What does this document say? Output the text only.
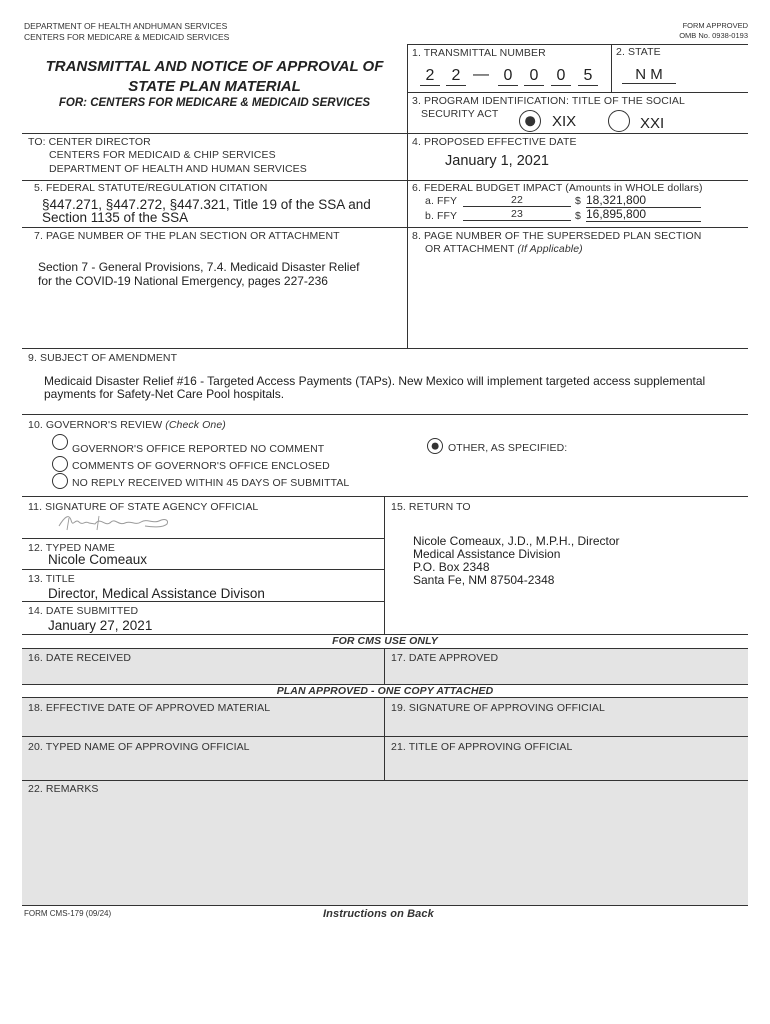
DEPARTMENT OF HEALTH ANDHUMAN SERVICES
CENTERS FOR MEDICARE & MEDICAID SERVICES
FORM APPROVED
OMB No. 0938-0193
TRANSMITTAL AND NOTICE OF APPROVAL OF
STATE PLAN MATERIAL
FOR: CENTERS FOR MEDICARE & MEDICAID SERVICES
1. TRANSMITTAL NUMBER
2	2 — 0	0	0	5
2. STATE
N M
3. PROGRAM IDENTIFICATION: TITLE OF THE SOCIAL
SECURITY ACT	XIX	XXI
TO: CENTER DIRECTOR
CENTERS FOR MEDICAID & CHIP SERVICES
DEPARTMENT OF HEALTH AND HUMAN SERVICES
4. PROPOSED EFFECTIVE DATE
January 1, 2021
5. FEDERAL STATUTE/REGULATION CITATION
§447.271, §447.272, §447.321, Title 19 of the SSA and
Section 1135 of the SSA
6. FEDERAL BUDGET IMPACT (Amounts in WHOLE dollars)
a. FFY	22	$ 18,321,800
b. FFY	23	$ 16,895,800
7. PAGE NUMBER OF THE PLAN SECTION OR ATTACHMENT
Section 7 - General Provisions, 7.4. Medicaid Disaster Relief
for the COVID-19 National Emergency, pages 227-236
8. PAGE NUMBER OF THE SUPERSEDED PLAN SECTION
OR ATTACHMENT (If Applicable)
9. SUBJECT OF AMENDMENT
Medicaid Disaster Relief #16 - Targeted Access Payments (TAPs). New Mexico will implement targeted access supplemental
payments for Safety-Net Care Pool hospitals.
10. GOVERNOR'S REVIEW (Check One)
GOVERNOR'S OFFICE REPORTED NO COMMENT
COMMENTS OF GOVERNOR'S OFFICE ENCLOSED
NO REPLY RECEIVED WITHIN 45 DAYS OF SUBMITTAL
OTHER, AS SPECIFIED:
11. SIGNATURE OF STATE AGENCY OFFICIAL	15. RETURN TO
Nicole Comeaux, J.D., M.P.H., Director
Medical Assistance Division
P.O. Box 2348
Santa Fe, NM 87504-2348
12. TYPED NAME
Nicole Comeaux
13. TITLE
Director, Medical Assistance Divison
14. DATE SUBMITTED
January 27, 2021
FOR CMS USE ONLY
16. DATE RECEIVED	17. DATE APPROVED
PLAN APPROVED - ONE COPY ATTACHED
18. EFFECTIVE DATE OF APPROVED MATERIAL	19. SIGNATURE OF APPROVING OFFICIAL
20. TYPED NAME OF APPROVING OFFICIAL	21. TITLE OF APPROVING OFFICIAL
22. REMARKS
FORM CMS-179 (09/24)	Instructions on Back
